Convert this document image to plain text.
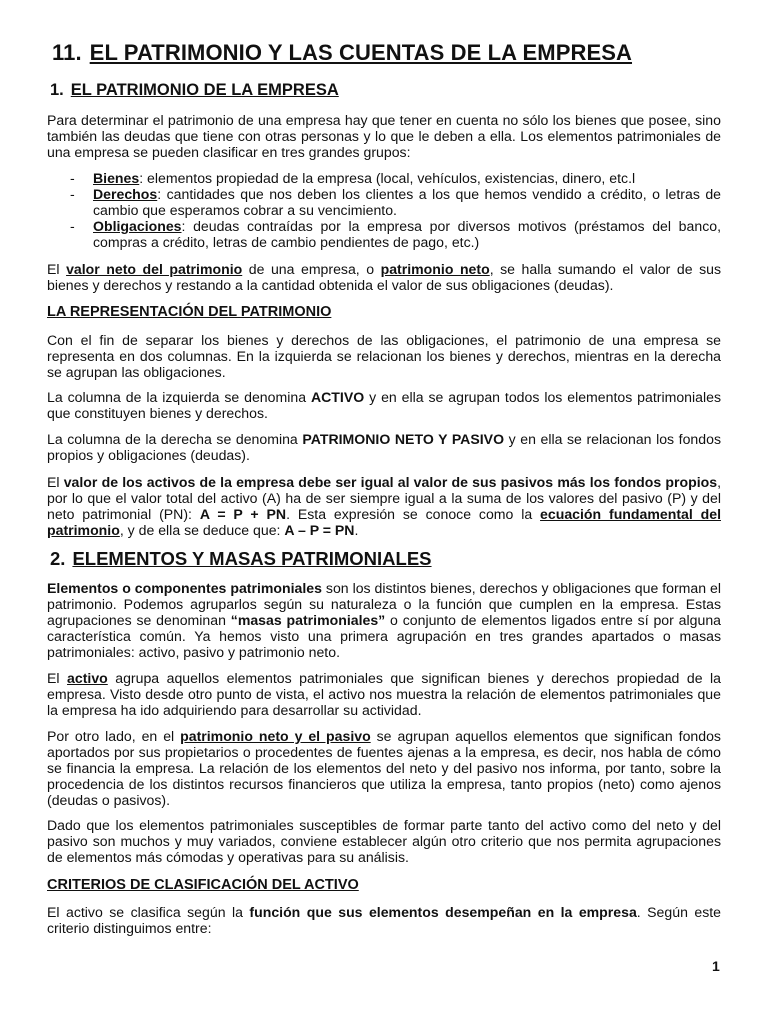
11. EL PATRIMONIO Y LAS CUENTAS DE LA EMPRESA
1. EL PATRIMONIO DE LA EMPRESA
Para determinar el patrimonio de una empresa hay que tener en cuenta no sólo los bienes que posee, sino también las deudas que tiene con otras personas y lo que le deben a ella. Los elementos patrimoniales de una empresa se pueden clasificar en tres grandes grupos:
- Bienes: elementos propiedad de la empresa (local, vehículos, existencias, dinero, etc.l
- Derechos: cantidades que nos deben los clientes a los que hemos vendido a crédito, o letras de cambio que esperamos cobrar a su vencimiento.
- Obligaciones: deudas contraídas por la empresa por diversos motivos (préstamos del banco, compras a crédito, letras de cambio pendientes de pago, etc.)
El valor neto del patrimonio de una empresa, o patrimonio neto, se halla sumando el valor de sus bienes y derechos y restando a la cantidad obtenida el valor de sus obligaciones (deudas).
LA REPRESENTACIÓN DEL PATRIMONIO
Con el fin de separar los bienes y derechos de las obligaciones, el patrimonio de una empresa se representa en dos columnas. En la izquierda se relacionan los bienes y derechos, mientras en la derecha se agrupan las obligaciones.
La columna de la izquierda se denomina ACTIVO y en ella se agrupan todos los elementos patrimoniales que constituyen bienes y derechos.
La columna de la derecha se denomina PATRIMONIO NETO Y PASIVO y en ella se relacionan los fondos propios y obligaciones (deudas).
El valor de los activos de la empresa debe ser igual al valor de sus pasivos más los fondos propios, por lo que el valor total del activo (A) ha de ser siempre igual a la suma de los valores del pasivo (P) y del neto patrimonial (PN): A = P + PN. Esta expresión se conoce como la ecuación fundamental del patrimonio, y de ella se deduce que: A – P = PN.
2. ELEMENTOS Y MASAS PATRIMONIALES
Elementos o componentes patrimoniales son los distintos bienes, derechos y obligaciones que forman el patrimonio. Podemos agruparlos según su naturaleza o la función que cumplen en la empresa. Estas agrupaciones se denominan “masas patrimoniales” o conjunto de elementos ligados entre sí por alguna característica común. Ya hemos visto una primera agrupación en tres grandes apartados o masas patrimoniales: activo, pasivo y patrimonio neto.
El activo agrupa aquellos elementos patrimoniales que significan bienes y derechos propiedad de la empresa. Visto desde otro punto de vista, el activo nos muestra la relación de elementos patrimoniales que la empresa ha ido adquiriendo para desarrollar su actividad.
Por otro lado, en el patrimonio neto y el pasivo se agrupan aquellos elementos que significan fondos aportados por sus propietarios o procedentes de fuentes ajenas a la empresa, es decir, nos habla de cómo se financia la empresa. La relación de los elementos del neto y del pasivo nos informa, por tanto, sobre la procedencia de los distintos recursos financieros que utiliza la empresa, tanto propios (neto) como ajenos (deudas o pasivos).
Dado que los elementos patrimoniales susceptibles de formar parte tanto del activo como del neto y del pasivo son muchos y muy variados, conviene establecer algún otro criterio que nos permita agrupaciones de elementos más cómodas y operativas para su análisis.
CRITERIOS DE CLASIFICACIÓN DEL ACTIVO
El activo se clasifica según la función que sus elementos desempeñan en la empresa. Según este criterio distinguimos entre:
1
